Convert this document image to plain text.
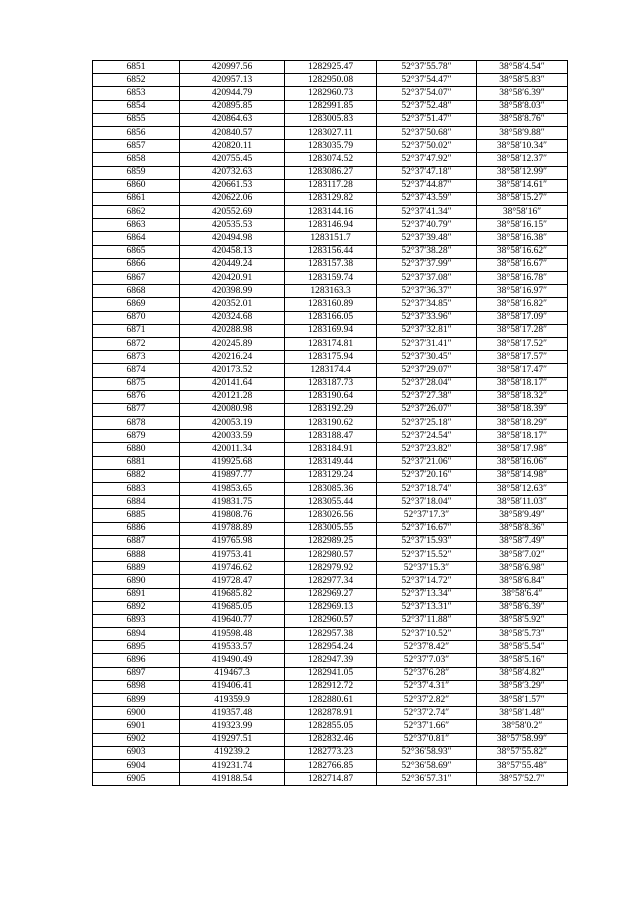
6851	420997.56	1282925.47	52°37′55.78″	38°58′4.54″
6852	420957.13	1282950.08	52°37′54.47″	38°58′5.83″
6853	420944.79	1282960.73	52°37′54.07″	38°58′6.39″
6854	420895.85	1282991.85	52°37′52.48″	38°58′8.03″
6855	420864.63	1283005.83	52°37′51.47″	38°58′8.76″
6856	420840.57	1283027.11	52°37′50.68″	38°58′9.88″
6857	420820.11	1283035.79	52°37′50.02″	38°58′10.34″
6858	420755.45	1283074.52	52°37′47.92″	38°58′12.37″
6859	420732.63	1283086.27	52°37′47.18″	38°58′12.99″
6860	420661.53	1283117.28	52°37′44.87″	38°58′14.61″
6861	420622.06	1283129.82	52°37′43.59″	38°58′15.27″
6862	420552.69	1283144.16	52°37′41.34″	38°58′16″
6863	420535.53	1283146.94	52°37′40.79″	38°58′16.15″
6864	420494.98	1283151.7	52°37′39.48″	38°58′16.38″
6865	420458.13	1283156.44	52°37′38.28″	38°58′16.62″
6866	420449.24	1283157.38	52°37′37.99″	38°58′16.67″
6867	420420.91	1283159.74	52°37′37.08″	38°58′16.78″
6868	420398.99	1283163.3	52°37′36.37″	38°58′16.97″
6869	420352.01	1283160.89	52°37′34.85″	38°58′16.82″
6870	420324.68	1283166.05	52°37′33.96″	38°58′17.09″
6871	420288.98	1283169.94	52°37′32.81″	38°58′17.28″
6872	420245.89	1283174.81	52°37′31.41″	38°58′17.52″
6873	420216.24	1283175.94	52°37′30.45″	38°58′17.57″
6874	420173.52	1283174.4	52°37′29.07″	38°58′17.47″
6875	420141.64	1283187.73	52°37′28.04″	38°58′18.17″
6876	420121.28	1283190.64	52°37′27.38″	38°58′18.32″
6877	420080.98	1283192.29	52°37′26.07″	38°58′18.39″
6878	420053.19	1283190.62	52°37′25.18″	38°58′18.29″
6879	420033.59	1283188.47	52°37′24.54″	38°58′18.17″
6880	420011.34	1283184.91	52°37′23.82″	38°58′17.98″
6881	419925.68	1283149.44	52°37′21.06″	38°58′16.06″
6882	419897.77	1283129.24	52°37′20.16″	38°58′14.98″
6883	419853.65	1283085.36	52°37′18.74″	38°58′12.63″
6884	419831.75	1283055.44	52°37′18.04″	38°58′11.03″
6885	419808.76	1283026.56	52°37′17.3″	38°58′9.49″
6886	419788.89	1283005.55	52°37′16.67″	38°58′8.36″
6887	419765.98	1282989.25	52°37′15.93″	38°58′7.49″
6888	419753.41	1282980.57	52°37′15.52″	38°58′7.02″
6889	419746.62	1282979.92	52°37′15.3″	38°58′6.98″
6890	419728.47	1282977.34	52°37′14.72″	38°58′6.84″
6891	419685.82	1282969.27	52°37′13.34″	38°58′6.4″
6892	419685.05	1282969.13	52°37′13.31″	38°58′6.39″
6893	419640.77	1282960.57	52°37′11.88″	38°58′5.92″
6894	419598.48	1282957.38	52°37′10.52″	38°58′5.73″
6895	419533.57	1282954.24	52°37′8.42″	38°58′5.54″
6896	419490.49	1282947.39	52°37′7.03″	38°58′5.16″
6897	419467.3	1282941.05	52°37′6.28″	38°58′4.82″
6898	419406.41	1282912.72	52°37′4.31″	38°58′3.29″
6899	419359.9	1282880.61	52°37′2.82″	38°58′1.57″
6900	419357.48	1282878.91	52°37′2.74″	38°58′1.48″
6901	419323.99	1282855.05	52°37′1.66″	38°58′0.2″
6902	419297.51	1282832.46	52°37′0.81″	38°57′58.99″
6903	419239.2	1282773.23	52°36′58.93″	38°57′55.82″
6904	419231.74	1282766.85	52°36′58.69″	38°57′55.48″
6905	419188.54	1282714.87	52°36′57.31″	38°57′52.7″
